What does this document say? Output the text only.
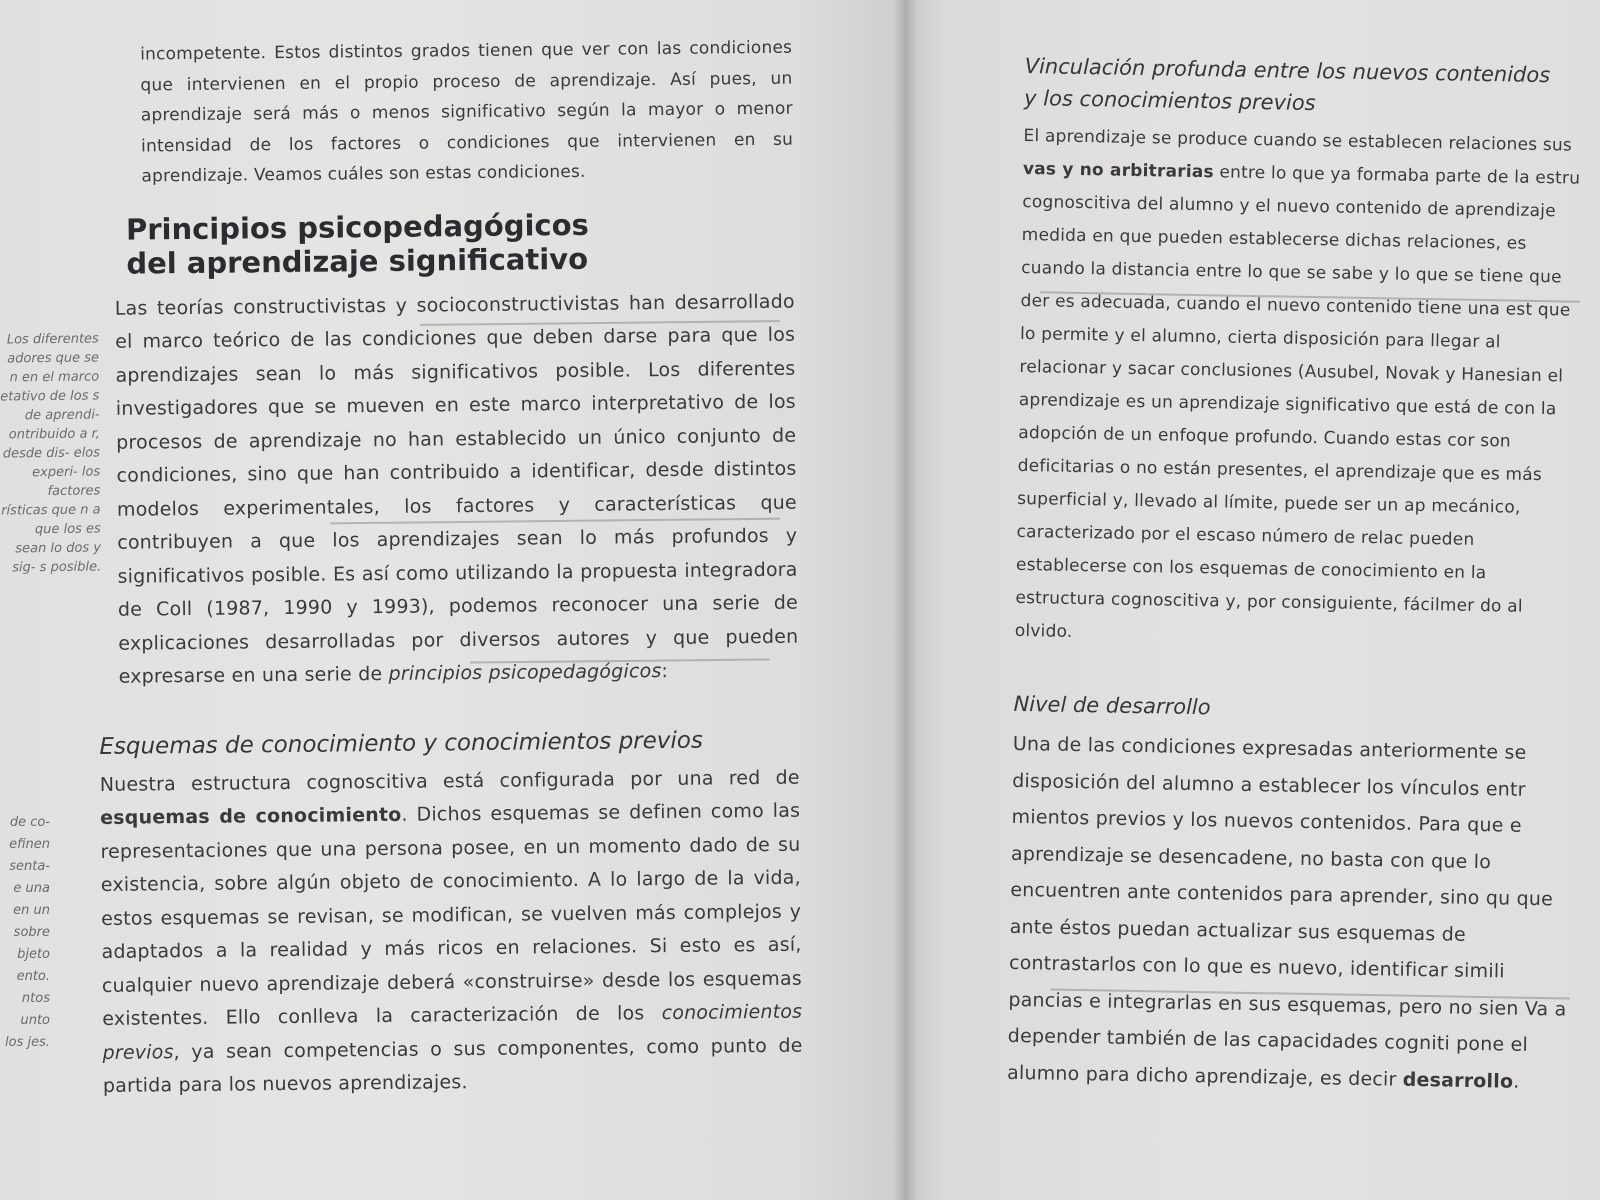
Los diferentes adores que se n en el marco etativo de los s de aprendi- ontribuido a r, desde dis- elos experi- los factores rísticas que n a que los es sean lo dos y sig- s posible.
de co- efinen senta- e una en un sobre bjeto ento. ntos unto los jes.

incompetente. Estos distintos grados tienen que ver con las condiciones que intervienen en el propio proceso de aprendizaje. Así pues, un aprendizaje será más o menos significativo según la mayor o menor intensidad de los factores o condiciones que intervienen en su aprendizaje. Veamos cuáles son estas condiciones.

Principios psicopedagógicos
del aprendizaje significativo

Las teorías constructivistas y socioconstructivistas han desarrollado el marco teórico de las condiciones que deben darse para que los aprendizajes sean lo más significativos posible. Los diferentes investigadores que se mueven en este marco interpretativo de los procesos de aprendizaje no han establecido un único conjunto de condiciones, sino que han contribuido a identificar, desde distintos modelos experimentales, los factores y características que contribuyen a que los aprendizajes sean lo más profundos y significativos posible. Es así como utilizando la propuesta integradora de Coll (1987, 1990 y 1993), podemos reconocer una serie de explicaciones desarrolladas por diversos autores y que pueden expresarse en una serie de principios psicopedagógicos:

Esquemas de conocimiento y conocimientos previos

Nuestra estructura cognoscitiva está configurada por una red de esquemas de conocimiento. Dichos esquemas se definen como las representaciones que una persona posee, en un momento dado de su existencia, sobre algún objeto de conocimiento. A lo largo de la vida, estos esquemas se revisan, se modifican, se vuelven más complejos y adaptados a la realidad y más ricos en relaciones. Si esto es así, cualquier nuevo aprendizaje deberá «construirse» desde los esquemas existentes. Ello conlleva la caracterización de los conocimientos previos, ya sean competencias o sus componentes, como punto de partida para los nuevos aprendizajes.

Vinculación profunda entre los nuevos contenidos
y los conocimientos previos

El aprendizaje se produce cuando se establecen relaciones sus vas y no arbitrarias entre lo que ya formaba parte de la estru cognoscitiva del alumno y el nuevo contenido de aprendizaje medida en que pueden establecerse dichas relaciones, es cuando la distancia entre lo que se sabe y lo que se tiene que der es adecuada, cuando el nuevo contenido tiene una est que lo permite y el alumno, cierta disposición para llegar al relacionar y sacar conclusiones (Ausubel, Novak y Hanesian el aprendizaje es un aprendizaje significativo que está de con la adopción de un enfoque profundo. Cuando estas cor son deficitarias o no están presentes, el aprendizaje que es más superficial y, llevado al límite, puede ser un ap mecánico, caracterizado por el escaso número de relac pueden establecerse con los esquemas de conocimiento en la estructura cognoscitiva y, por consiguiente, fácilmer do al olvido.

Nivel de desarrollo

Una de las condiciones expresadas anteriormente se disposición del alumno a establecer los vínculos entr mientos previos y los nuevos contenidos. Para que e aprendizaje se desencadene, no basta con que lo encuentren ante contenidos para aprender, sino qu que ante éstos puedan actualizar sus esquemas de contrastarlos con lo que es nuevo, identificar simili pancias e integrarlas en sus esquemas, pero no sien Va a depender también de las capacidades cogniti pone el alumno para dicho aprendizaje, es decir desarrollo.
